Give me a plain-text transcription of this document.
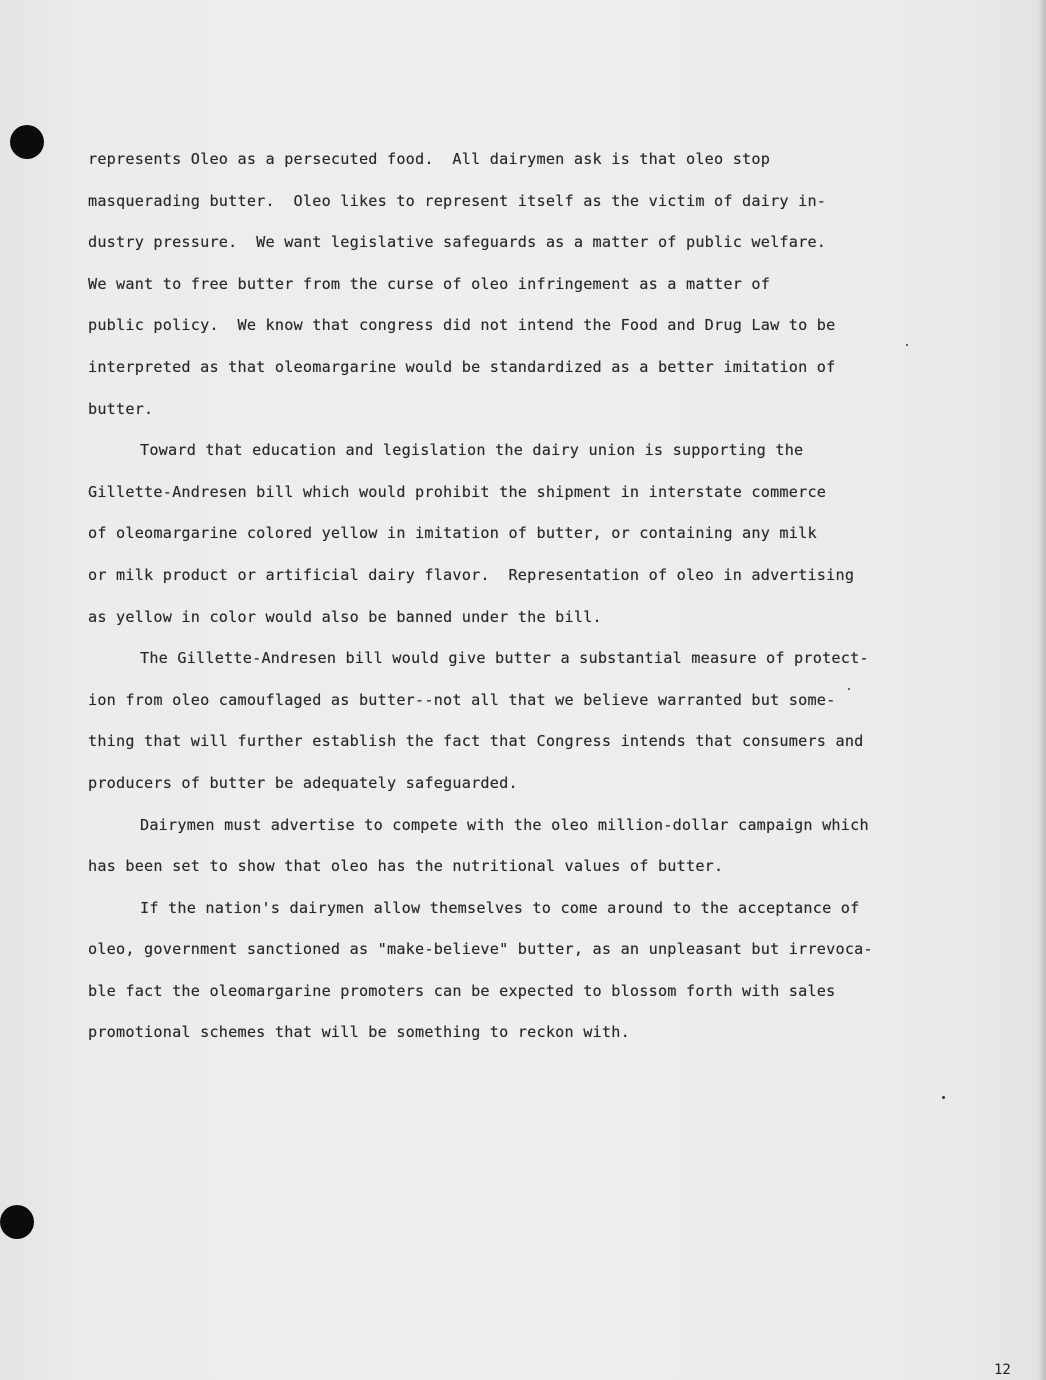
represents Oleo as a persecuted food.  All dairymen ask is that oleo stop
masquerading butter.  Oleo likes to represent itself as the victim of dairy in-
dustry pressure.  We want legislative safeguards as a matter of public welfare.
We want to free butter from the curse of oleo infringement as a matter of
public policy.  We know that congress did not intend the Food and Drug Law to be
interpreted as that oleomargarine would be standardized as a better imitation of
butter.
Toward that education and legislation the dairy union is supporting the
Gillette-Andresen bill which would prohibit the shipment in interstate commerce
of oleomargarine colored yellow in imitation of butter, or containing any milk
or milk product or artificial dairy flavor.  Representation of oleo in advertising
as yellow in color would also be banned under the bill.
The Gillette-Andresen bill would give butter a substantial measure of protect-
ion from oleo camouflaged as butter--not all that we believe warranted but some-
thing that will further establish the fact that Congress intends that consumers and
producers of butter be adequately safeguarded.
Dairymen must advertise to compete with the oleo million-dollar campaign which
has been set to show that oleo has the nutritional values of butter.
If the nation's dairymen allow themselves to come around to the acceptance of
oleo, government sanctioned as "make-believe" butter, as an unpleasant but irrevoca-
ble fact the oleomargarine promoters can be expected to blossom forth with sales
promotional schemes that will be something to reckon with.
12
